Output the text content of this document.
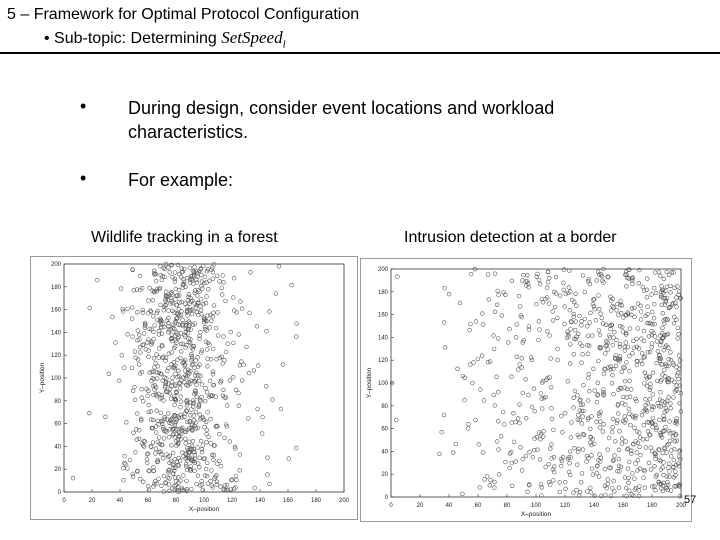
5 – Framework for Optimal Protocol Configuration
• Sub-topic: Determining SetSpeed$_l$
• During design, consider event locations and workload characteristics.
• For example:
Wildlife tracking in a forest	Intrusion detection at a border
0	20	40	60	80	100	120	140	160	180	200
0
20
40
60
80
100
120
140
160
180
200
X–position
Y–position
0	20	40	60	80	100	120	140	160	180	200
0
20
40
60
80
100
120
140
160
180
200
X–position
Y–position
57
